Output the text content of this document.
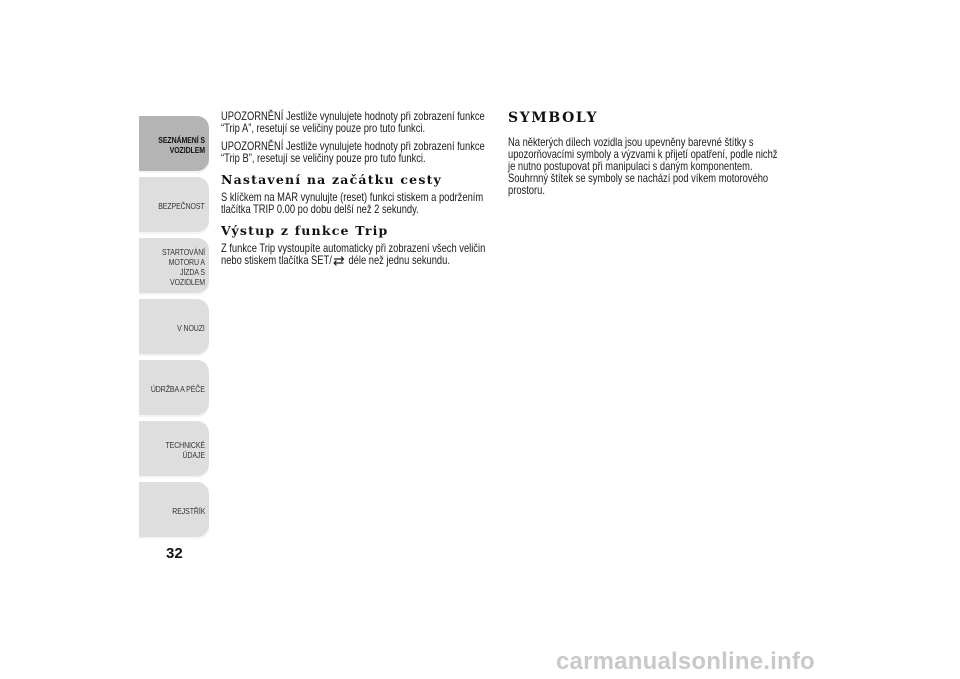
SEZNÁMENÍ S
VOZIDLEM
BEZPEČNOST
STARTOVÁNÍ
MOTORU A JÍZDA S
VOZIDLEM
V NOUZI
ÚDRŽBA A PÉČE
TECHNICKÉ ÚDAJE
REJSTŘÍK
32

UPOZORNĚNÍ Jestliže vynulujete hodnoty při zobrazení funkce “Trip A”, resetují se veličiny pouze pro tuto funkci.

UPOZORNĚNÍ Jestliže vynulujete hodnoty při zobrazení funkce “Trip B”, resetují se veličiny pouze pro tuto funkci.

Nastavení na začátku cesty

S klíčkem na MAR vynulujte (reset) funkci stiskem a podržením tlačítka TRIP 0.00 po dobu delší než 2 sekundy.

Výstup z funkce Trip

Z funkce Trip vystoupíte automaticky při zobrazení všech veličin nebo stiskem tlačítka SET/ déle než jednu sekundu.

SYMBOLY

Na některých dílech vozidla jsou upevněny barevné štítky s upozorňovacími symboly a výzvami k přijetí opatření, podle nichž je nutno postupovat při manipulaci s daným komponentem. Souhrnný štítek se symboly se nachází pod víkem motorového prostoru.

carmanualsonline.info
